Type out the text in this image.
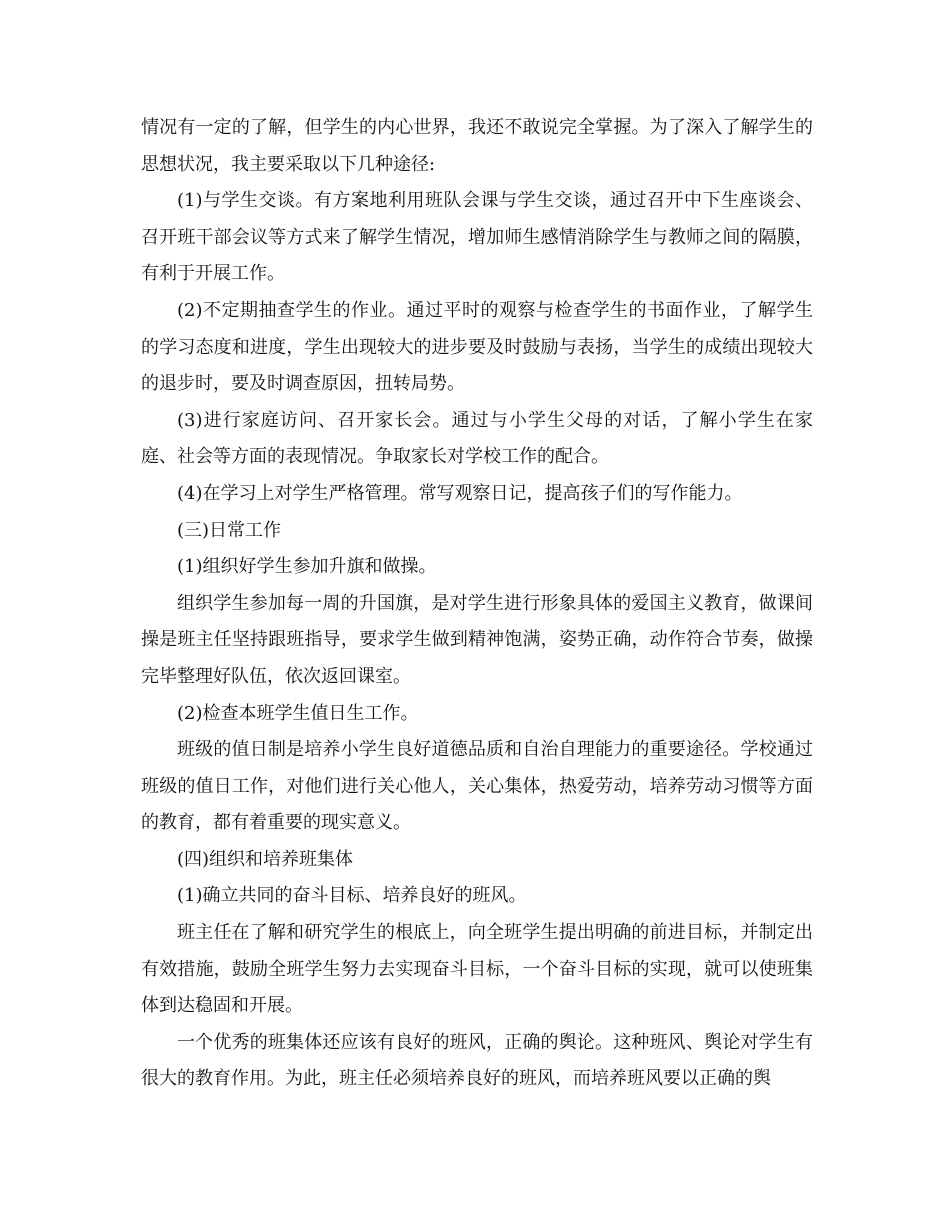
情况有一定的了解，但学生的内心世界，我还不敢说完全掌握。为了深入了解学生的思想状况，我主要采取以下几种途径:

(1)与学生交谈。有方案地利用班队会课与学生交谈，通过召开中下生座谈会、召开班干部会议等方式来了解学生情况，增加师生感情消除学生与教师之间的隔膜，有利于开展工作。

(2)不定期抽查学生的作业。通过平时的观察与检查学生的书面作业，了解学生的学习态度和进度，学生出现较大的进步要及时鼓励与表扬，当学生的成绩出现较大的退步时，要及时调查原因，扭转局势。

(3)进行家庭访问、召开家长会。通过与小学生父母的对话，了解小学生在家庭、社会等方面的表现情况。争取家长对学校工作的配合。

(4)在学习上对学生严格管理。常写观察日记，提高孩子们的写作能力。

(三)日常工作

(1)组织好学生参加升旗和做操。

组织学生参加每一周的升国旗，是对学生进行形象具体的爱国主义教育，做课间操是班主任坚持跟班指导，要求学生做到精神饱满，姿势正确，动作符合节奏，做操完毕整理好队伍，依次返回课室。

(2)检查本班学生值日生工作。

班级的值日制是培养小学生良好道德品质和自治自理能力的重要途径。学校通过班级的值日工作，对他们进行关心他人，关心集体，热爱劳动，培养劳动习惯等方面的教育，都有着重要的现实意义。

(四)组织和培养班集体

(1)确立共同的奋斗目标、培养良好的班风。

班主任在了解和研究学生的根底上，向全班学生提出明确的前进目标，并制定出有效措施，鼓励全班学生努力去实现奋斗目标，一个奋斗目标的实现，就可以使班集体到达稳固和开展。

一个优秀的班集体还应该有良好的班风，正确的舆论。这种班风、舆论对学生有很大的教育作用。为此，班主任必须培养良好的班风，而培养班风要以正确的舆
